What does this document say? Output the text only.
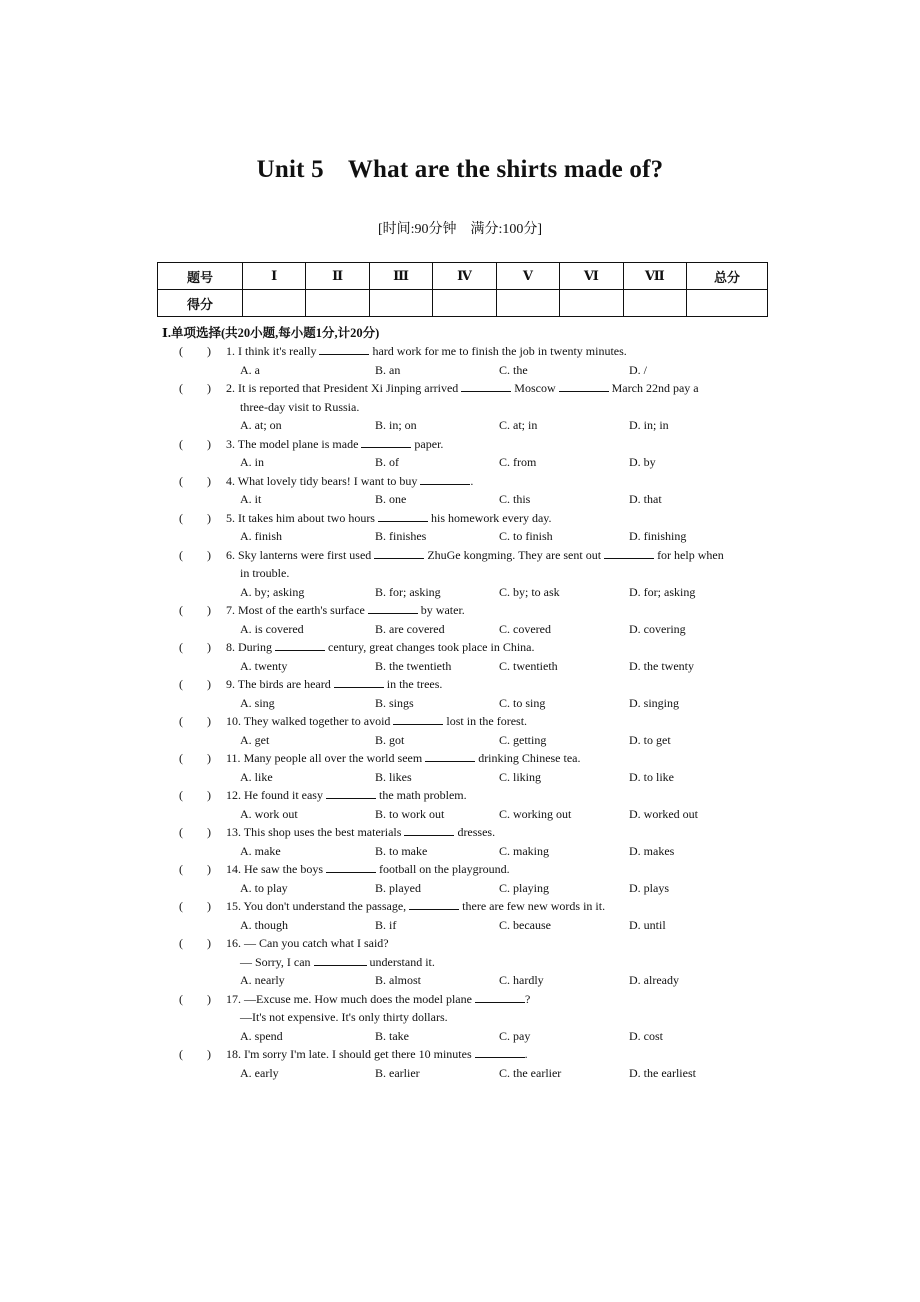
Unit 5 What are the shirts made of?
[时间:90分钟　满分:100分]
题号	Ⅰ	Ⅱ	Ⅲ	Ⅳ	Ⅴ	Ⅵ	Ⅶ	总分
得分								
Ⅰ.单项选择(共20小题,每小题1分,计20分)
(　　) 1. I think it's really	hard work for me to finish the job in twenty minutes.
A. a	B. an	C. the	D. /
(　　) 2. It is reported that President Xi Jinping arrived	Moscow	March 22nd pay a
three-day visit to Russia.
A. at; on	B. in; on	C. at; in	D. in; in
(　　) 3. The model plane is made	paper.
A. in	B. of	C. from	D. by
(　　) 4. What lovely tidy bears! I want to buy	.
A. it	B. one	C. this	D. that
(　　) 5. It takes him about two hours	his homework every day.
A. finish	B. finishes	C. to finish	D. finishing
(　　) 6. Sky lanterns were first used	ZhuGe kongming. They are sent out	for help when
in trouble.
A. by; asking	B. for; asking	C. by; to ask	D. for; asking
(　　) 7. Most of the earth's surface	by water.
A. is covered	B. are covered	C. covered	D. covering
(　　) 8. During	century, great changes took place in China.
A. twenty	B. the twentieth	C. twentieth	D. the twenty
(　　) 9. The birds are heard	in the trees.
A. sing	B. sings	C. to sing	D. singing
(　　) 10. They walked together to avoid	lost in the forest.
A. get	B. got	C. getting	D. to get
(　　) 11. Many people all over the world seem	drinking Chinese tea.
A. like	B. likes	C. liking	D. to like
(　　) 12. He found it easy	the math problem.
A. work out	B. to work out	C. working out	D. worked out
(　　) 13. This shop uses the best materials	dresses.
A. make	B. to make	C. making	D. makes
(　　) 14. He saw the boys	football on the playground.
A. to play	B. played	C. playing	D. plays
(　　) 15. You don't understand the passage,	there are few new words in it.
A. though	B. if	C. because	D. until
(　　) 16. — Can you catch what I said?
— Sorry, I can	understand it.
A. nearly	B. almost	C. hardly	D. already
(　　) 17. —Excuse me. How much does the model plane	?
—It's not expensive. It's only thirty dollars.
A. spend	B. take	C. pay	D. cost
(　　) 18. I'm sorry I'm late. I should get there 10 minutes	.
A. early	B. earlier	C. the earlier	D. the earliest
